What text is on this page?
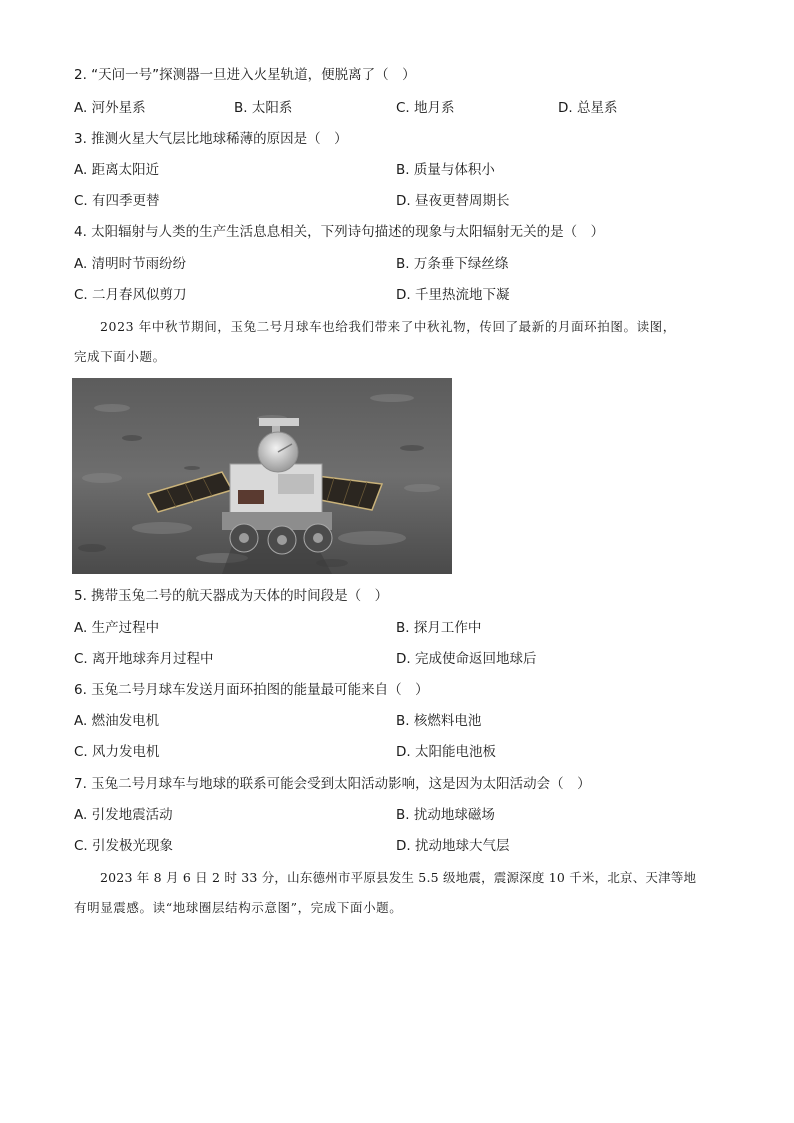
2. “天问一号”探测器一旦进入火星轨道，便脱离了（　）
A. 河外星系	B. 太阳系	C. 地月系	D. 总星系
3. 推测火星大气层比地球稀薄的原因是（　）
A. 距离太阳近	B. 质量与体积小
C. 有四季更替	D. 昼夜更替周期长
4. 太阳辐射与人类的生产生活息息相关，下列诗句描述的现象与太阳辐射无关的是（　）
A. 清明时节雨纷纷	B. 万条垂下绿丝绦
C. 二月春风似剪刀	D. 千里热流地下凝
2023 年中秋节期间，玉兔二号月球车也给我们带来了中秋礼物，传回了最新的月面环拍图。读图，
完成下面小题。
5. 携带玉兔二号的航天器成为天体的时间段是（　）
A. 生产过程中	B. 探月工作中
C. 离开地球奔月过程中	D. 完成使命返回地球后
6. 玉兔二号月球车发送月面环拍图的能量最可能来自（　）
A. 燃油发电机	B. 核燃料电池
C. 风力发电机	D. 太阳能电池板
7. 玉兔二号月球车与地球的联系可能会受到太阳活动影响，这是因为太阳活动会（　）
A. 引发地震活动	B. 扰动地球磁场
C. 引发极光现象	D. 扰动地球大气层
2023 年 8 月 6 日 2 时 33 分，山东德州市平原县发生 5.5 级地震，震源深度 10 千米，北京、天津等地
有明显震感。读“地球圈层结构示意图”，完成下面小题。
